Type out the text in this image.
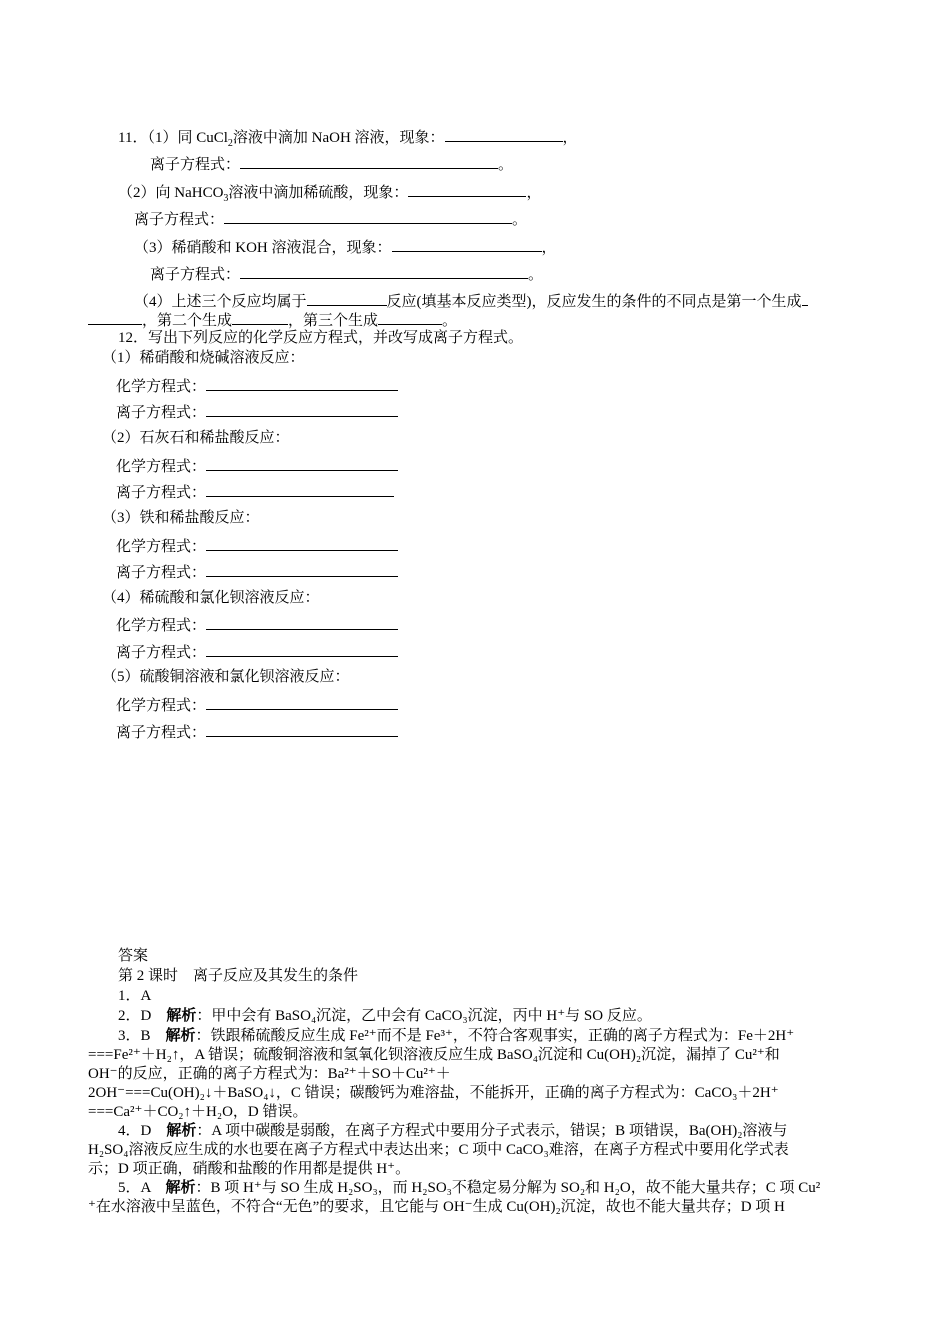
11．（1）同 CuCl$_2$溶液中滴加 NaOH 溶液，现象：	，
离子方程式：	。
（2）向 NaHCO$_3$溶液中滴加稀硫酸，现象：	，
离子方程式：	。
（3）稀硝酸和 KOH 溶液混合，现象：	，
离子方程式：	。
（4）上述三个反应均属于	反应(填基本反应类型)，反应发生的条件的不同点是第一个生成
，第二个生成	，第三个生成	。
12．写出下列反应的化学反应方程式，并改写成离子方程式。
（1）稀硝酸和烧碱溶液反应：
化学方程式：
离子方程式：
（2）石灰石和稀盐酸反应：
化学方程式：
离子方程式：
（3）铁和稀盐酸反应：
化学方程式：
离子方程式：
（4）稀硫酸和氯化钡溶液反应：
化学方程式：
离子方程式：
（5）硫酸铜溶液和氯化钡溶液反应：
化学方程式：
离子方程式：
答案
第 2 课时　离子反应及其发生的条件
1．A
2．D　解析：甲中会有 BaSO₄沉淀，乙中会有 CaCO₃沉淀，丙中 H⁺与 SO 反应。
3．B　解析：铁跟稀硫酸反应生成 Fe²⁺而不是 Fe³⁺，不符合客观事实，正确的离子方程式为：Fe＋2H⁺
===Fe²⁺＋H₂↑，A 错误；硫酸铜溶液和氢氧化钡溶液反应生成 BaSO₄沉淀和 Cu(OH)₂沉淀，漏掉了 Cu²⁺和
OH⁻的反应，正确的离子方程式为：Ba²⁺＋SO＋Cu²⁺＋
2OH⁻===Cu(OH)₂↓＋BaSO₄↓，C 错误；碳酸钙为难溶盐，不能拆开，正确的离子方程式为：CaCO₃＋2H⁺
===Ca²⁺＋CO₂↑＋H₂O，D 错误。
4．D　解析：A 项中碳酸是弱酸，在离子方程式中要用分子式表示，错误；B 项错误，Ba(OH)₂溶液与
H₂SO₄溶液反应生成的水也要在离子方程式中表达出来；C 项中 CaCO₃难溶，在离子方程式中要用化学式表
示；D 项正确，硝酸和盐酸的作用都是提供 H⁺。
5．A　解析：B 项 H⁺与 SO 生成 H₂SO₃，而 H₂SO₃不稳定易分解为 SO₂和 H₂O，故不能大量共存；C 项 Cu²
⁺在水溶液中呈蓝色，不符合“无色”的要求，且它能与 OH⁻生成 Cu(OH)₂沉淀，故也不能大量共存；D 项 H
